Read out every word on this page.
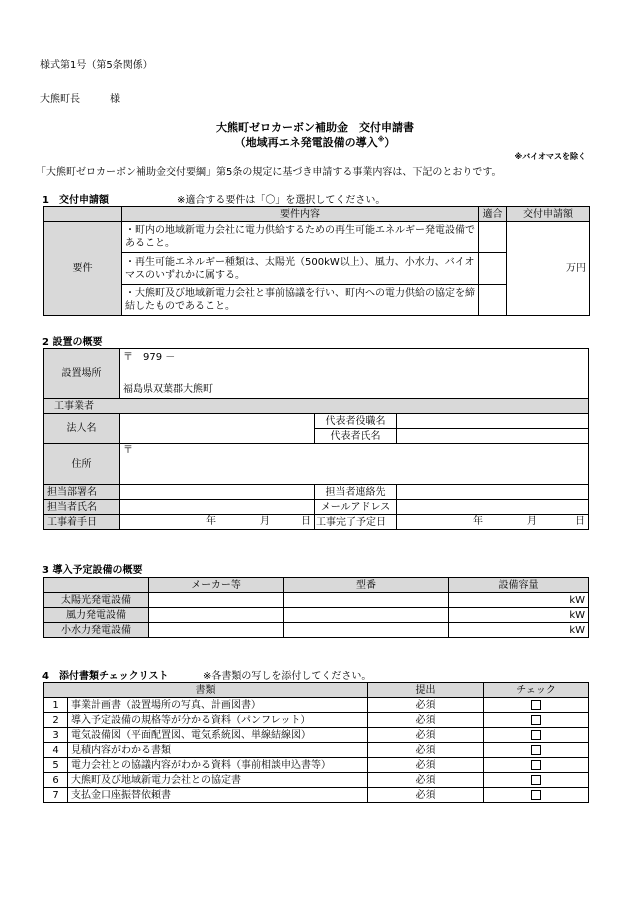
様式第1号（第5条関係）
大熊町長　　　様
大熊町ゼロカーボン補助金　交付申請書
（地域再エネ発電設備の導入※）
※バイオマスを除く
「大熊町ゼロカーボン補助金交付要綱」第5条の規定に基づき申請する事業内容は、下記のとおりです。
1　交付申請額	※適合する要件は「〇」を選択してください。
	要件内容	適合	交付申請額
要件	・町内の地域新電力会社に電力供給するための再生可能エネルギー発電設備であること。		万円
	・再生可能エネルギー種類は、太陽光（500kW以上）、風力、小水力、バイオマスのいずれかに属する。		
	・大熊町及び地域新電力会社と事前協議を行い、町内への電力供給の協定を締結したものであること。		
2 設置の概要
設置場所	〒　979 －		

	福島県双葉郡大熊町		
工事業者			
法人名		代表者役職名	
		代表者氏名	
住所	〒		

担当部署名		担当者連絡先	
担当者氏名		メールアドレス	
工事着手日	年 月 日	工事完了予定日	年 月 日
3 導入予定設備の概要
	メーカー等	型番	設備容量
太陽光発電設備			kW
風力発電設備			kW
小水力発電設備			kW
4　添付書類チェックリスト	※各書類の写しを添付してください。
書類		提出	チェック
1	事業計画書（設置場所の写真、計画図書）	必須	
2	導入予定設備の規格等が分かる資料（パンフレット）	必須	
3	電気設備図（平面配置図、電気系統図、単線結線図）	必須	
4	見積内容がわかる書類	必須	
5	電力会社との協議内容がわかる資料（事前相談申込書等）	必須	
6	大熊町及び地域新電力会社との協定書	必須	
7	支払金口座振替依頼書	必須	
